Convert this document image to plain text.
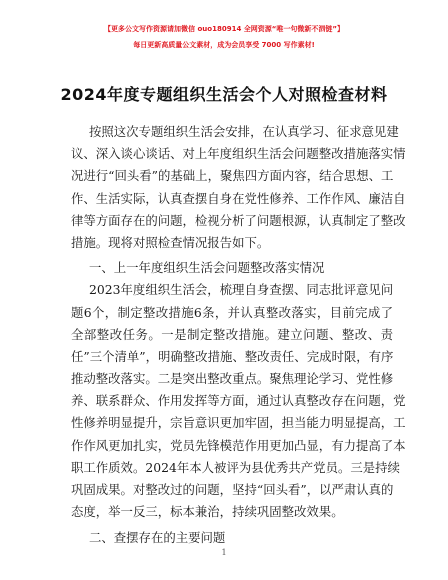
【更多公文写作资源请加微信 ouo180914 全网资源“唯一句微新不泗链”】
每日更新高质量公文素材，成为会员享受 7000 写作素材!
2024年度专题组织生活会个人对照检查材料
按照这次专题组织生活会安排，在认真学习、征求意见建
议、深入谈心谈话、对上年度组织生活会问题整改措施落实情
况进行“回头看”的基础上，聚焦四方面内容，结合思想、工
作、生活实际，认真查摆自身在党性修养、工作作风、廉洁自
律等方面存在的问题，检视分析了问题根源，认真制定了整改
措施。现将对照检查情况报告如下。
一、上一年度组织生活会问题整改落实情况
2023年度组织生活会，梳理自身查摆、同志批评意见问
题6个，制定整改措施6条，并认真整改落实，目前完成了
全部整改任务。一是制定整改措施。建立问题、整改、责
任”三个清单”，明确整改措施、整改责任、完成时限，有序
推动整改落实。二是突出整改重点。聚焦理论学习、党性修
养、联系群众、作用发挥等方面，通过认真整改存在问题，党
性修养明显提升，宗旨意识更加牢固，担当能力明显提高，工
作作风更加扎实，党员先锋模范作用更加凸显，有力提高了本
职工作质效。2024年本人被评为县优秀共产党员。三是持续
巩固成果。对整改过的问题，坚持“回头看”，以严肃认真的
态度，举一反三，标本兼治，持续巩固整改效果。
二、查摆存在的主要问题
1
